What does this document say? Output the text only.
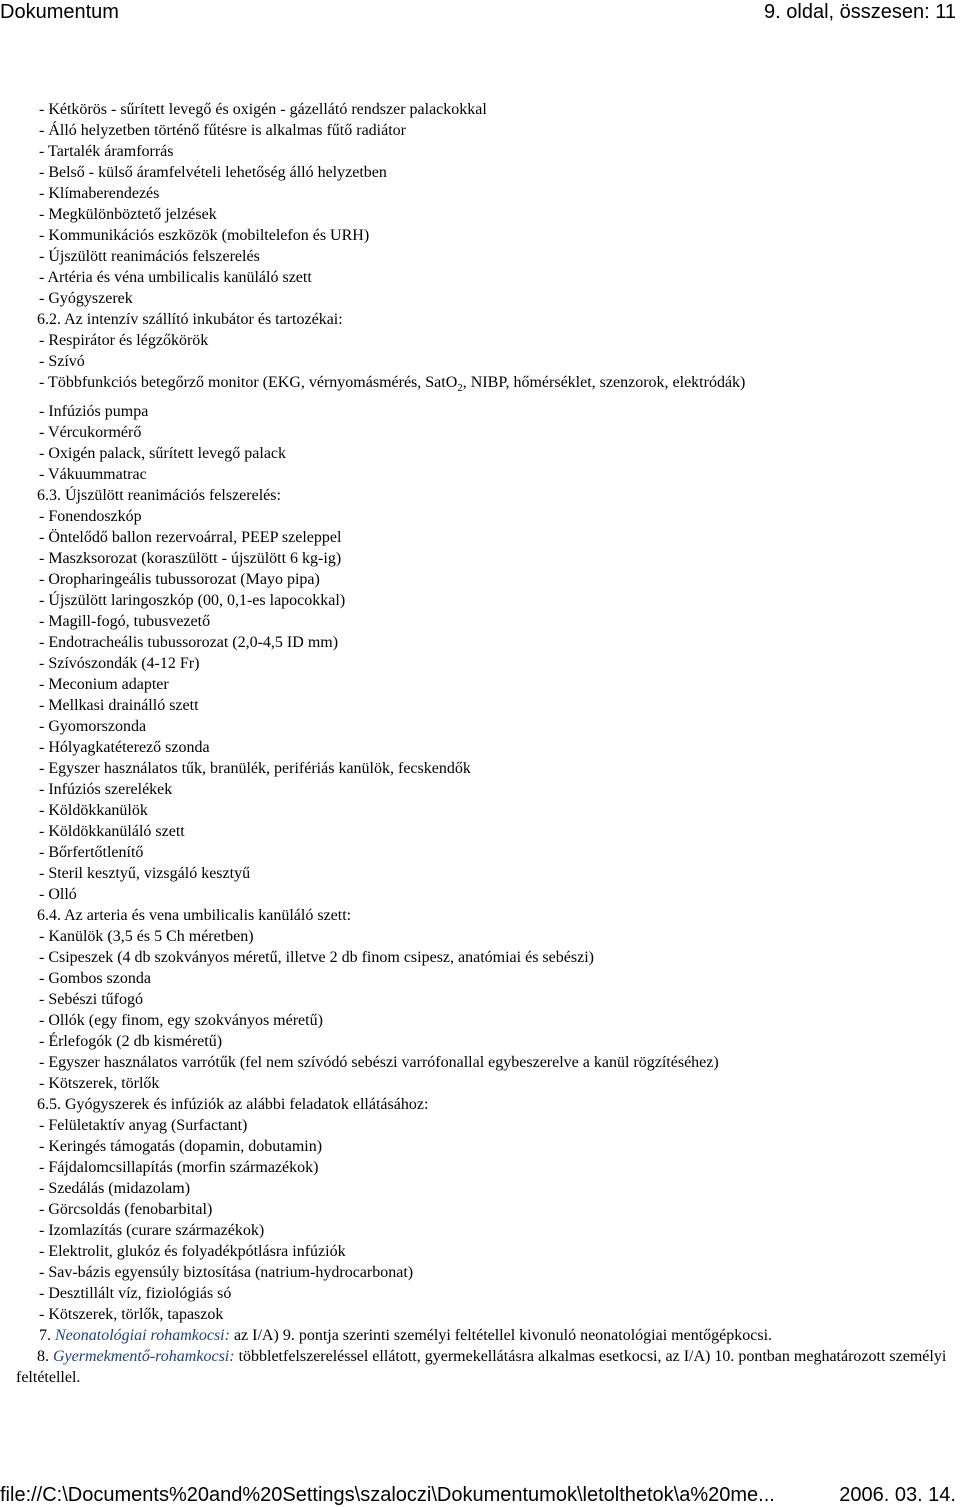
Dokumentum	9. oldal, összesen: 11
- Kétkörös - sűrített levegő és oxigén - gázellátó rendszer palackokkal
- Álló helyzetben történő fűtésre is alkalmas fűtő radiátor
- Tartalék áramforrás
- Belső - külső áramfelvételi lehetőség álló helyzetben
- Klímaberendezés
- Megkülönböztető jelzések
- Kommunikációs eszközök (mobiltelefon és URH)
- Újszülött reanimációs felszerelés
- Artéria és véna umbilicalis kanüláló szett
- Gyógyszerek
6.2. Az intenzív szállító inkubátor és tartozékai:
- Respirátor és légzőkörök
- Szívó
- Többfunkciós betegőrző monitor (EKG, vérnyomásmérés, SatO$_2$, NIBP, hőmérséklet, szenzorok, elektródák)
- Infúziós pumpa
- Vércukormérő
- Oxigén palack, sűrített levegő palack
- Vákuummatrac
6.3. Újszülött reanimációs felszerelés:
- Fonendoszkóp
- Öntelődő ballon rezervoárral, PEEP szeleppel
- Maszksorozat (koraszülött - újszülött 6 kg-ig)
- Oropharingeális tubussorozat (Mayo pipa)
- Újszülött laringoszkóp (00, 0,1-es lapocokkal)
- Magill-fogó, tubusvezető
- Endotracheális tubussorozat (2,0-4,5 ID mm)
- Szívószondák (4-12 Fr)
- Meconium adapter
- Mellkasi drainálló szett
- Gyomorszonda
- Hólyagkatéterező szonda
- Egyszer használatos tűk, branülék, perifériás kanülök, fecskendők
- Infúziós szerelékek
- Köldökkanülök
- Köldökkanüláló szett
- Bőrfertőtlenítő
- Steril kesztyű, vizsgáló kesztyű
- Olló
6.4. Az arteria és vena umbilicalis kanüláló szett:
- Kanülök (3,5 és 5 Ch méretben)
- Csipeszek (4 db szokványos méretű, illetve 2 db finom csipesz, anatómiai és sebészi)
- Gombos szonda
- Sebészi tűfogó
- Ollók (egy finom, egy szokványos méretű)
- Érlefogók (2 db kisméretű)
- Egyszer használatos varrótűk (fel nem szívódó sebészi varrófonallal egybeszerelve a kanül rögzítéséhez)
- Kötszerek, törlők
6.5. Gyógyszerek és infúziók az alábbi feladatok ellátásához:
- Felületaktív anyag (Surfactant)
- Keringés támogatás (dopamin, dobutamin)
- Fájdalomcsillapítás (morfin származékok)
- Szedálás (midazolam)
- Görcsoldás (fenobarbital)
- Izomlazítás (curare származékok)
- Elektrolit, glukóz és folyadékpótlásra infúziók
- Sav-bázis egyensúly biztosítása (natrium-hydrocarbonat)
- Desztillált víz, fiziológiás só
- Kötszerek, törlők, tapaszok
7. Neonatológiai rohamkocsi: az I/A) 9. pontja szerinti személyi feltétellel kivonuló neonatológiai mentőgépkocsi.
8. Gyermekmentő-rohamkocsi: többletfelszereléssel ellátott, gyermekellátásra alkalmas esetkocsi, az I/A) 10. pontban meghatározott személyi feltétellel.
file://C:\Documents%20and%20Settings\szaloczi\Dokumentumok\letolthetok\a%20me...	2006. 03. 14.
